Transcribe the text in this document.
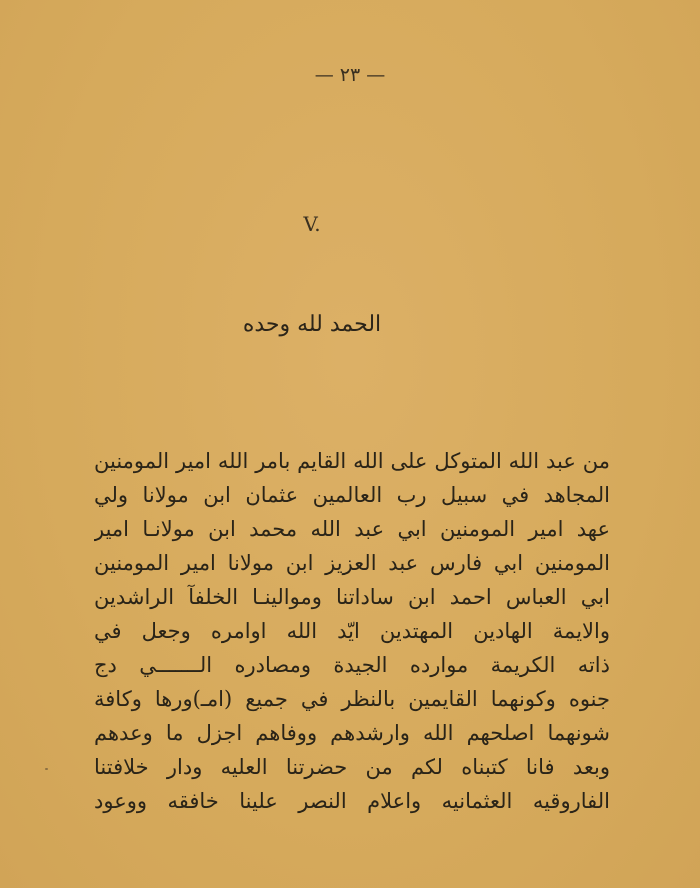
— ٢٣ —
V.
الحمد لله وحده
من عبد الله المتوكل على الله القايم بامر الله امير المومنين
المجاهد في سبيل رب العالمين عثمان ابن مولانا ولي
عهد امير المومنين ابي عبد الله محمد ابن مولانـا امير
المومنين ابي فارس عبد العزيز ابن مولانا امير المومنين
ابي العباس احمد ابن ساداتنا وموالينـا الخلفآ الراشدين
والايمة الهادين المهتدين ايّد الله اوامره وجعل في
ذاته الكريمة موارده الجيدة ومصادره الـــــــي دج
جنوه وكونهما القايمين بالنظر في جميع (امـ)ورها وكافة
شونهما اصلحهم الله وارشدهم ووفاهم اجزل ما وعدهم
وبعد فانا كتبناه لكم من حضرتنا العليه ودار خلافتنا
الفاروقيه العثمانيه واعلام النصر علينا خافقه ووعود
